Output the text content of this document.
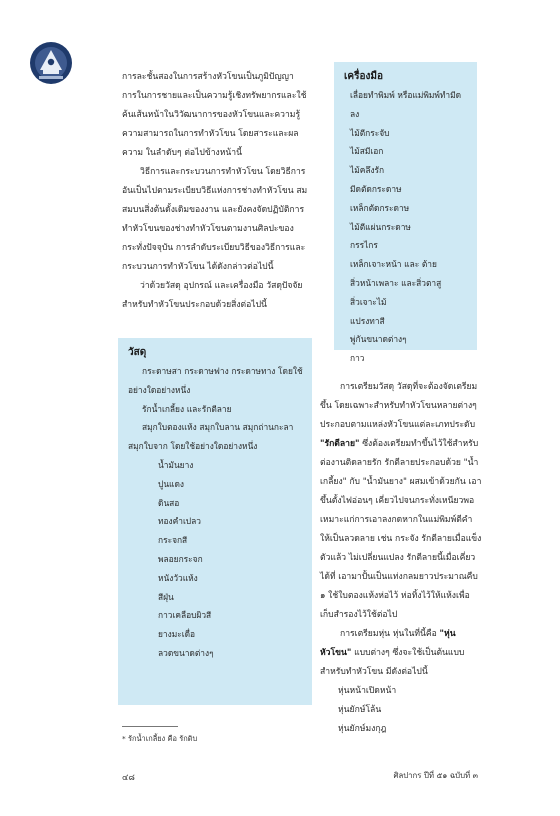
การละชั้นสองในการสร้างหัวโขนเป็นภูมิปัญญาการในการชายและเป็นความรู้เชิงทรัพยากรและใช้ค้นเส้นหน้าในวิวัฒนาการของหัวโขนและความรู้ความสามารถในการทำหัวโขน โดยสาระและผลความ ในลำดับๆ ต่อไปข้างหน้านี้

วิธีการและกระบวนการทำหัวโขน โดยวิธีการอันเป็นไปตามระเบียบวิธีแห่งการช่างทำหัวโขน สมสมบนสิ่งต้นดั้งเดิมของงาน และยังคงจัดปฏิบัติการทำหัวโขนของช่างทำหัวโขนตามงานศิลปะของกระทั่งปัจจุบัน การลำดับระเบียบวิธีของวิธีการและกระบวนการทำหัวโขน ได้ดังกล่าวต่อไปนี้

ว่าด้วยวัสดุ อุปกรณ์ และเครื่องมือ วัสดุปัจจัยสำหรับทำหัวโขนประกอบด้วยสิ่งต่อไปนี้

เครื่องมือ
เลื่อยทำพิมพ์ หรือแม่พิมพ์ทำมีดลง
ไม้ตีกระจับ
ไม้สมีเอก
ไม้คลึงรัก
มีดตัดกระดาษ
เหล็กตัดกระดาษ
ไม้ตีแผ่นกระดาษ
กรรไกร
เหล็กเจาะหน้า และ ต้าย
สิ่วหน้าเพลาะ และสิ่วตาสู
สิ่วเจาะไม้
แปรงทาสี
พู่กันขนาดต่างๆ
กาว
วัสดุ

กระดาษสา กระดาษฟาง กระดาษทาง โดยใช้อย่างใดอย่างหนึ่ง

รักน้ำเกลี้ยง และรักตีลาย

สมุกใบตองแห้ง สมุกใบลาน สมุกถ่านกะลา สมุกใบจาก โดยใช้อย่างใดอย่างหนึ่ง

น้ำมันยาง
ปูนแดง
ดินสอ
ทองคำเปลว
กระจกสี
พลอยกระจก
หนังวัวแห้ง
สีฝุ่น
กาวเคลือบผิวสี
ยางมะเดื่อ
ลวดขนาดต่างๆ

การเตรียมวัสดุ วัสดุที่จะต้องจัดเตรียมขึ้น โดยเฉพาะสำหรับทำหัวโขนหลายต่างๆ ประกอบตามแหล่งหัวโขนแต่ละเภทประดับ "รักตีลาย" ซึ่งต้องเตรียมทำขึ้นไว้ใช้สำหรับต่องานติดลายรัก รักตีลายประกอบด้วย "น้ำเกลี้ยง" กับ "น้ำมันยาง" ผสมเข้าด้วยกัน เอาขึ้นตั้งไฟอ่อนๆ เคี่ยวไปจนกระทั่งเหนียวพอเหมาะแก่การเอาลงกดหากในแม่พิมพ์ตีคำให้เป็นลวดลาย เช่น กระจัง รักตีลายเมื่อแข็งตัวแล้ว ไม่เปลี่ยนแปลง รักตีลายนี้เมื่อเคี่ยวได้ที่ เอามาปั้นเป็นแท่งกลมยาวประมาณคืบ ๑ ใช้ใบตองแห้งห่อไว้ ห่อทิ้งไว้ให้แห้งเพื่อเก็บสำรองไว้ใช้ต่อไป

การเตรียมหุ่น หุ่นในที่นี้คือ "หุ่นหัวโขน" แบบต่างๆ ซึ่งจะใช้เป็นต้นแบบสำหรับทำหัวโขน มีดังต่อไปนี้

หุ่นหน้าเปิดหน้า
หุ่นยักษ์โล้น
หุ่นยักษ์มงกุฎ
* รักน้ำเกลี้ยง คือ รักดิบ
๔๘	ศิลปากร ปีที่ ๕๑ ฉบับที่ ๓
